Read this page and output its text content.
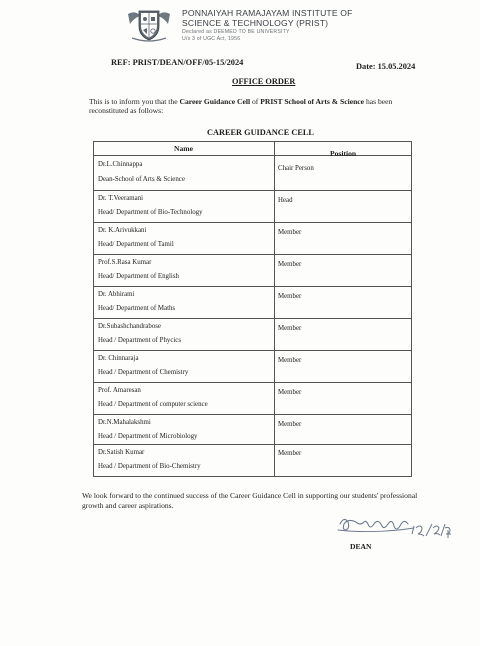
PONNAIYAH RAMAJAYAM INSTITUTE OF
SCIENCE & TECHNOLOGY (PRIST)
Declared as DEEMED TO BE UNIVERSITY
U/s 3 of UGC Act, 1956
REF: PRIST/DEAN/OFF/05-15/2024	Date: 15.05.2024
OFFICE ORDER

This is to inform you that the Career Guidance Cell of PRIST School of Arts & Science has been reconstituted as follows:

CAREER GUIDANCE CELL
Name
Position
Dr.L.Chinnappa
Dean-School of Arts & Science
Chair Person
Dr. T.Veeramani
Head/ Department of Bio-Technology
Head
Dr. K.Arivukkani
Head/ Department of Tamil
Member
Prof.S.Rasa Kumar
Head/ Department of English
Member
Dr. Abhirami
Head/ Department of Maths
Member
Dr.Subashchandrabose
Head / Department of Phycics
Member
Dr. Chinnaraja
Head / Department of Chemistry
Member
Prof. Amaresan
Head / Department of computer science
Member
Dr.N.Mahalakshmi
Head / Department of Microbiology
Member
Dr.Satish Kumar
Head / Department of Bio-Chemistry
Member

We look forward to the continued success of the Career Guidance Cell in supporting our students' professional growth and career aspirations.

DEAN
